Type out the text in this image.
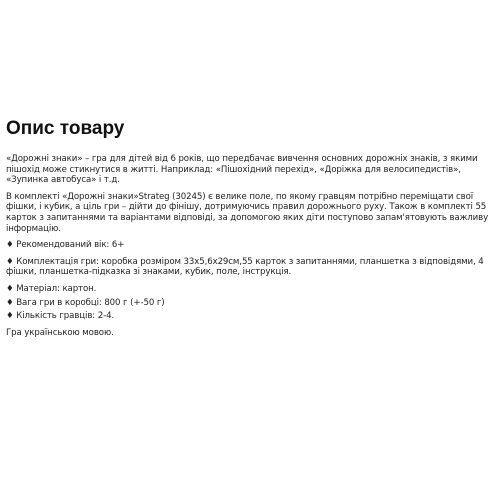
Опис товару

«Дорожні знаки» – гра для дітей від 6 років, що передбачає вивчення основних дорожніх знаків, з якими пішохід може стикнутися в житті. Наприклад: «Пішохідний перехід», «Доріжка для велосипедистів», «Зупинка автобуса» і т.д.

В комплекті «Дорожні знаки»Strateg (30245) є велике поле, по якому гравцям потрібно переміщати свої фішки, і кубик, а ціль гри – дійти до фінішу, дотримуючись правил дорожнього руху. Також в комплекті 55 карток з запитаннями та варіантами відповіді, за допомогою яких діти поступово запам'ятовують важливу інформацію.

♦ Рекомендований вік: 6+

♦ Комплектація гри: коробка розміром 33х5,6х29см,55 карток з запитаннями, планшетка з відповідями, 4 фішки, планшетка-підказка зі знаками, кубик, поле, інструкція.

♦ Матеріал: картон.

♦ Вага гри в коробці: 800 г (+-50 г)

♦ Кількість гравців: 2-4.

Гра українською мовою.
